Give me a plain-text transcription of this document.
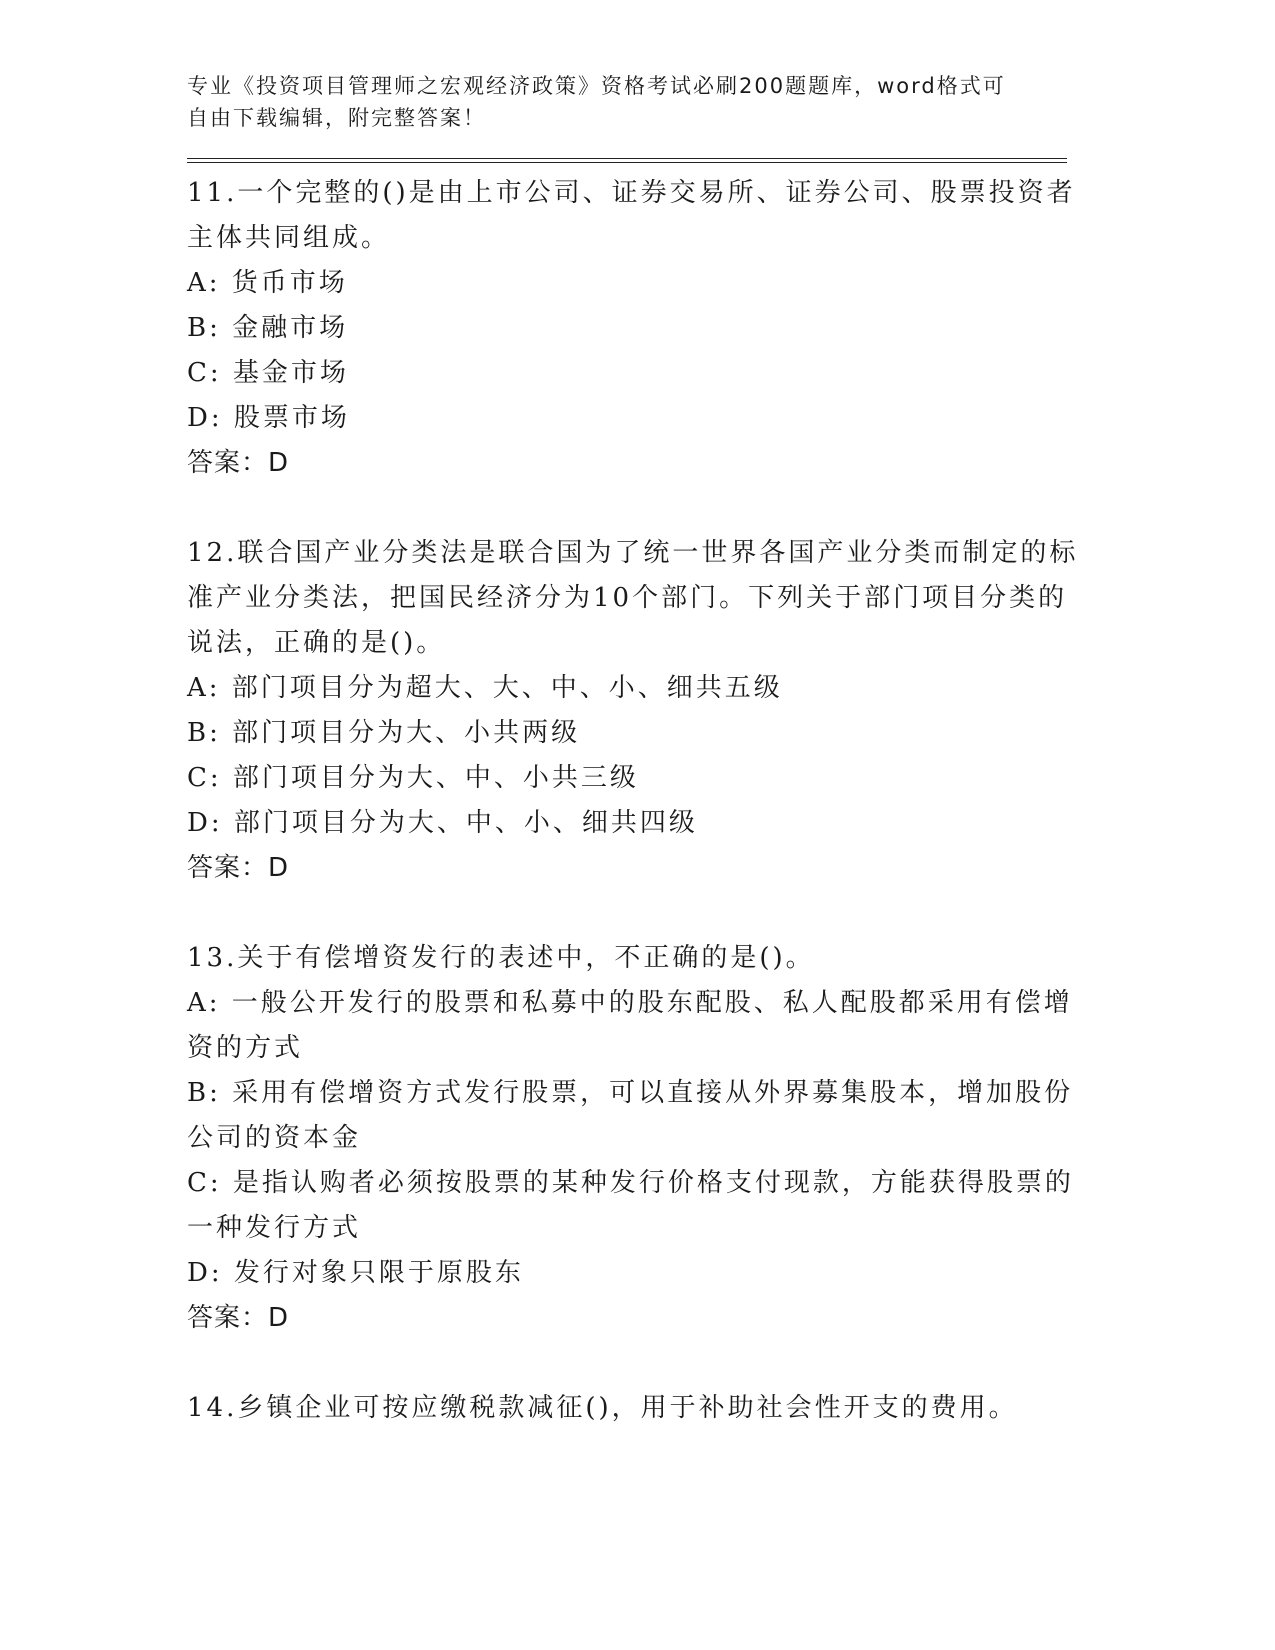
专业《投资项目管理师之宏观经济政策》资格考试必刷200题题库，word格式可
自由下载编辑，附完整答案！
11.一个完整的()是由上市公司、证券交易所、证券公司、股票投资者
主体共同组成。
A: 货币市场
B: 金融市场
C: 基金市场
D: 股票市场
答案：D
12.联合国产业分类法是联合国为了统一世界各国产业分类而制定的标
准产业分类法，把国民经济分为10个部门。下列关于部门项目分类的
说法，正确的是()。
A: 部门项目分为超大、大、中、小、细共五级
B: 部门项目分为大、小共两级
C: 部门项目分为大、中、小共三级
D: 部门项目分为大、中、小、细共四级
答案：D
13.关于有偿增资发行的表述中，不正确的是()。
A: 一般公开发行的股票和私募中的股东配股、私人配股都采用有偿增
资的方式
B: 采用有偿增资方式发行股票，可以直接从外界募集股本，增加股份
公司的资本金
C: 是指认购者必须按股票的某种发行价格支付现款，方能获得股票的
一种发行方式
D: 发行对象只限于原股东
答案：D
14.乡镇企业可按应缴税款减征()，用于补助社会性开支的费用。
